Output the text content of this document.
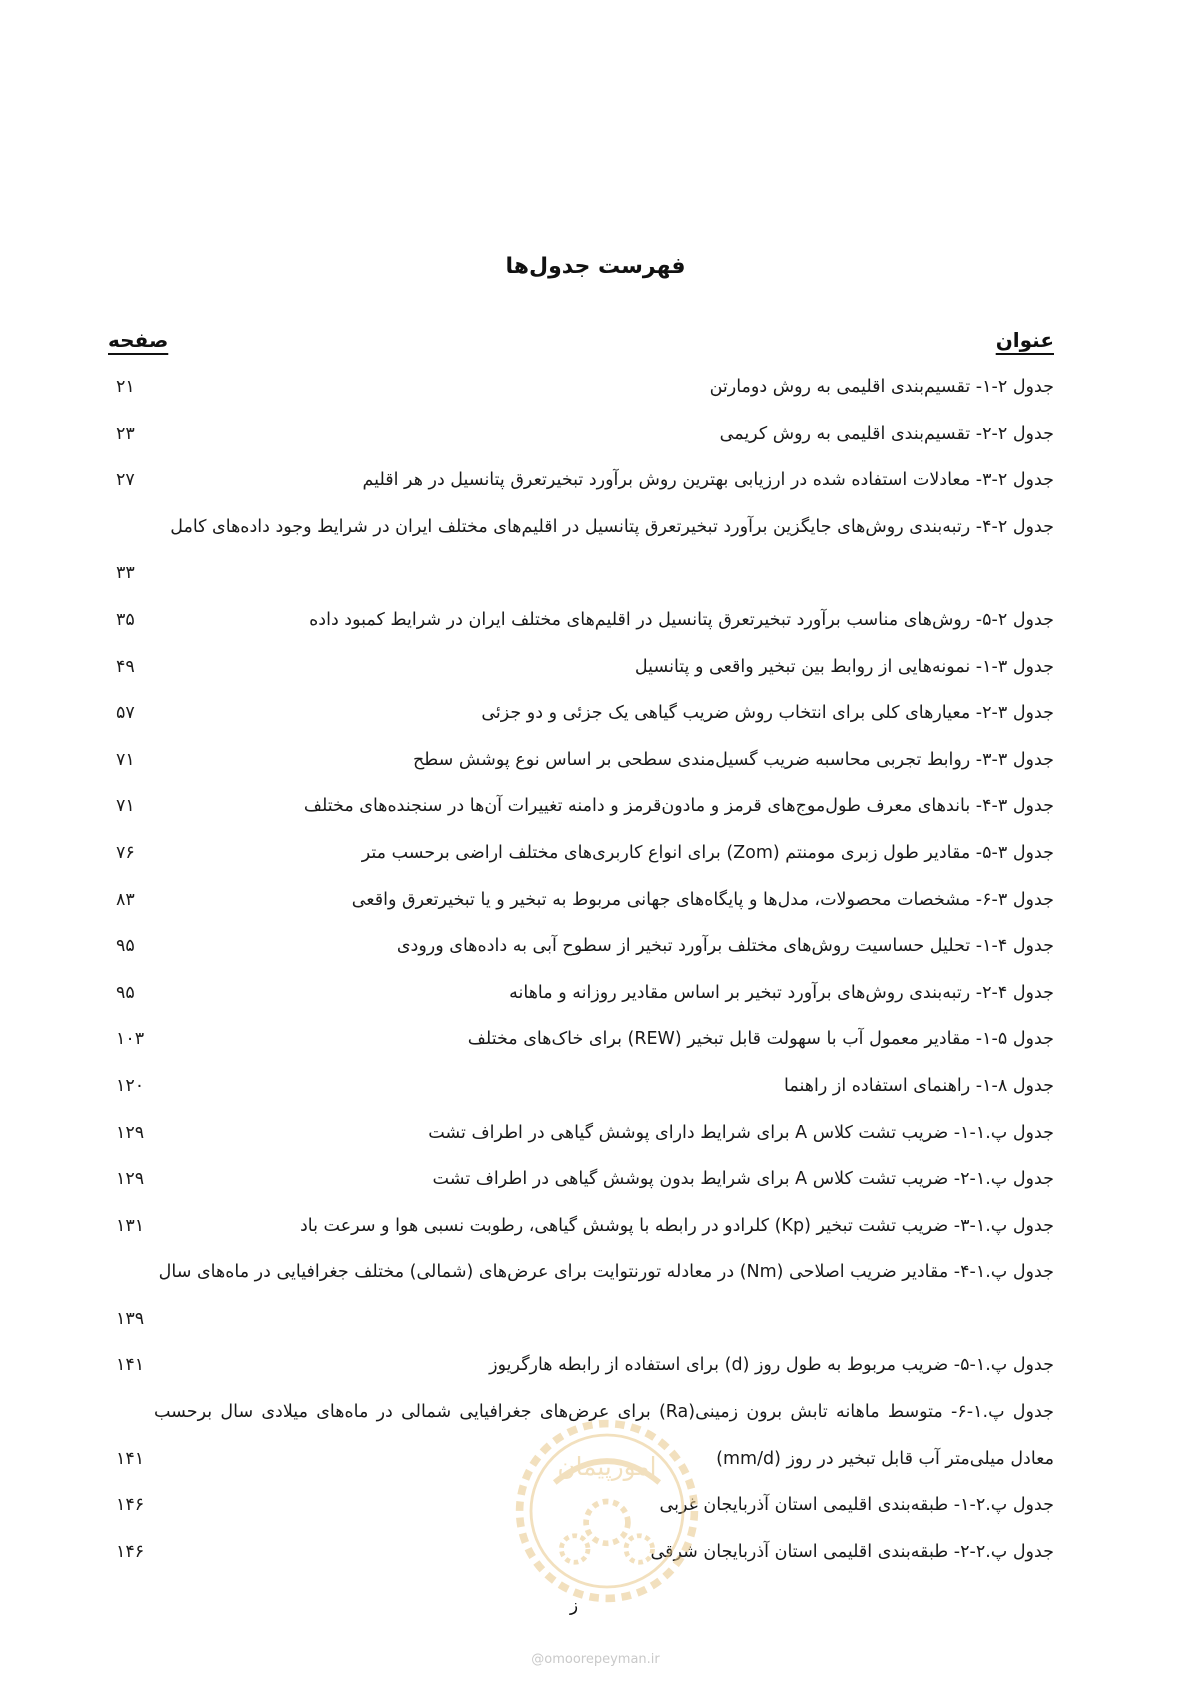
فهرست جدول‌ها
عنوان
صفحه
جدول ۲-۱- تقسیم‌بندی اقلیمی به روش دومارتن
۲۱
جدول ۲-۲- تقسیم‌بندی اقلیمی به روش کریمی
۲۳
جدول ۲-۳- معادلات استفاده شده در ارزیابی بهترین روش برآورد تبخیرتعرق پتانسیل در هر اقلیم
۲۷
جدول ۲-۴- رتبه‌بندی روش‌های جایگزین برآورد تبخیرتعرق پتانسیل در اقلیم‌های مختلف ایران در شرایط وجود داده‌های کامل
۳۳
جدول ۲-۵- روش‌های مناسب برآورد تبخیرتعرق پتانسیل در اقلیم‌های مختلف ایران در شرایط کمبود داده
۳۵
جدول ۳-۱- نمونه‌هایی از روابط بین تبخیر واقعی و پتانسیل
۴۹
جدول ۳-۲- معیارهای کلی برای انتخاب روش ضریب گیاهی یک جزئی و دو جزئی
۵۷
جدول ۳-۳- روابط تجربی محاسبه ضریب گسیل‌مندی سطحی بر اساس نوع پوشش سطح
۷۱
جدول ۳-۴- باندهای معرف طول‌موج‌های قرمز و مادون‌قرمز و دامنه تغییرات آن‌ها در سنجنده‌های مختلف
۷۱
جدول ۳-۵- مقادیر طول زبری مومنتم (Zom) برای انواع کاربری‌های مختلف اراضی برحسب متر
۷۶
جدول ۳-۶- مشخصات محصولات، مدل‌ها و پایگاه‌های جهانی مربوط به تبخیر و یا تبخیرتعرق واقعی
۸۳
جدول ۴-۱- تحلیل حساسیت روش‌های مختلف برآورد تبخیر از سطوح آبی به داده‌های ورودی
۹۵
جدول ۴-۲- رتبه‌بندی روش‌های برآورد تبخیر بر اساس مقادیر روزانه و ماهانه
۹۵
جدول ۵-۱- مقادیر معمول آب با سهولت قابل تبخیر (REW) برای خاک‌های مختلف
۱۰۳
جدول ۸-۱- راهنمای استفاده از راهنما
۱۲۰
جدول پ.۱-۱- ضریب تشت کلاس A برای شرایط دارای پوشش گیاهی در اطراف تشت
۱۲۹
جدول پ.۱-۲- ضریب تشت کلاس A برای شرایط بدون پوشش گیاهی در اطراف تشت
۱۲۹
جدول پ.۱-۳- ضریب تشت تبخیر (Kp) کلرادو در رابطه با پوشش گیاهی، رطوبت نسبی هوا و سرعت باد
۱۳۱
جدول پ.۱-۴- مقادیر ضریب اصلاحی (Nm) در معادله تورنتوایت برای عرض‌های (شمالی) مختلف جغرافیایی در ماه‌های سال
۱۳۹
جدول پ.۱-۵- ضریب مربوط به طول روز (d) برای استفاده از رابطه هارگریوز
۱۴۱
جدول پ.۱-۶- متوسط ماهانه تابش برون زمینی(Ra) برای عرض‌های جغرافیایی شمالی در ماه‌های میلادی سال برحسب معادل میلی‌متر آب قابل تبخیر در روز (mm/d)
۱۴۱
جدول پ.۲-۱- طبقه‌بندی اقلیمی استان آذربایجان غربی
۱۴۶
جدول پ.۲-۲- طبقه‌بندی اقلیمی استان آذربایجان شرقی
۱۴۶
امورپیمان
ز
@omoorepeyman.ir
